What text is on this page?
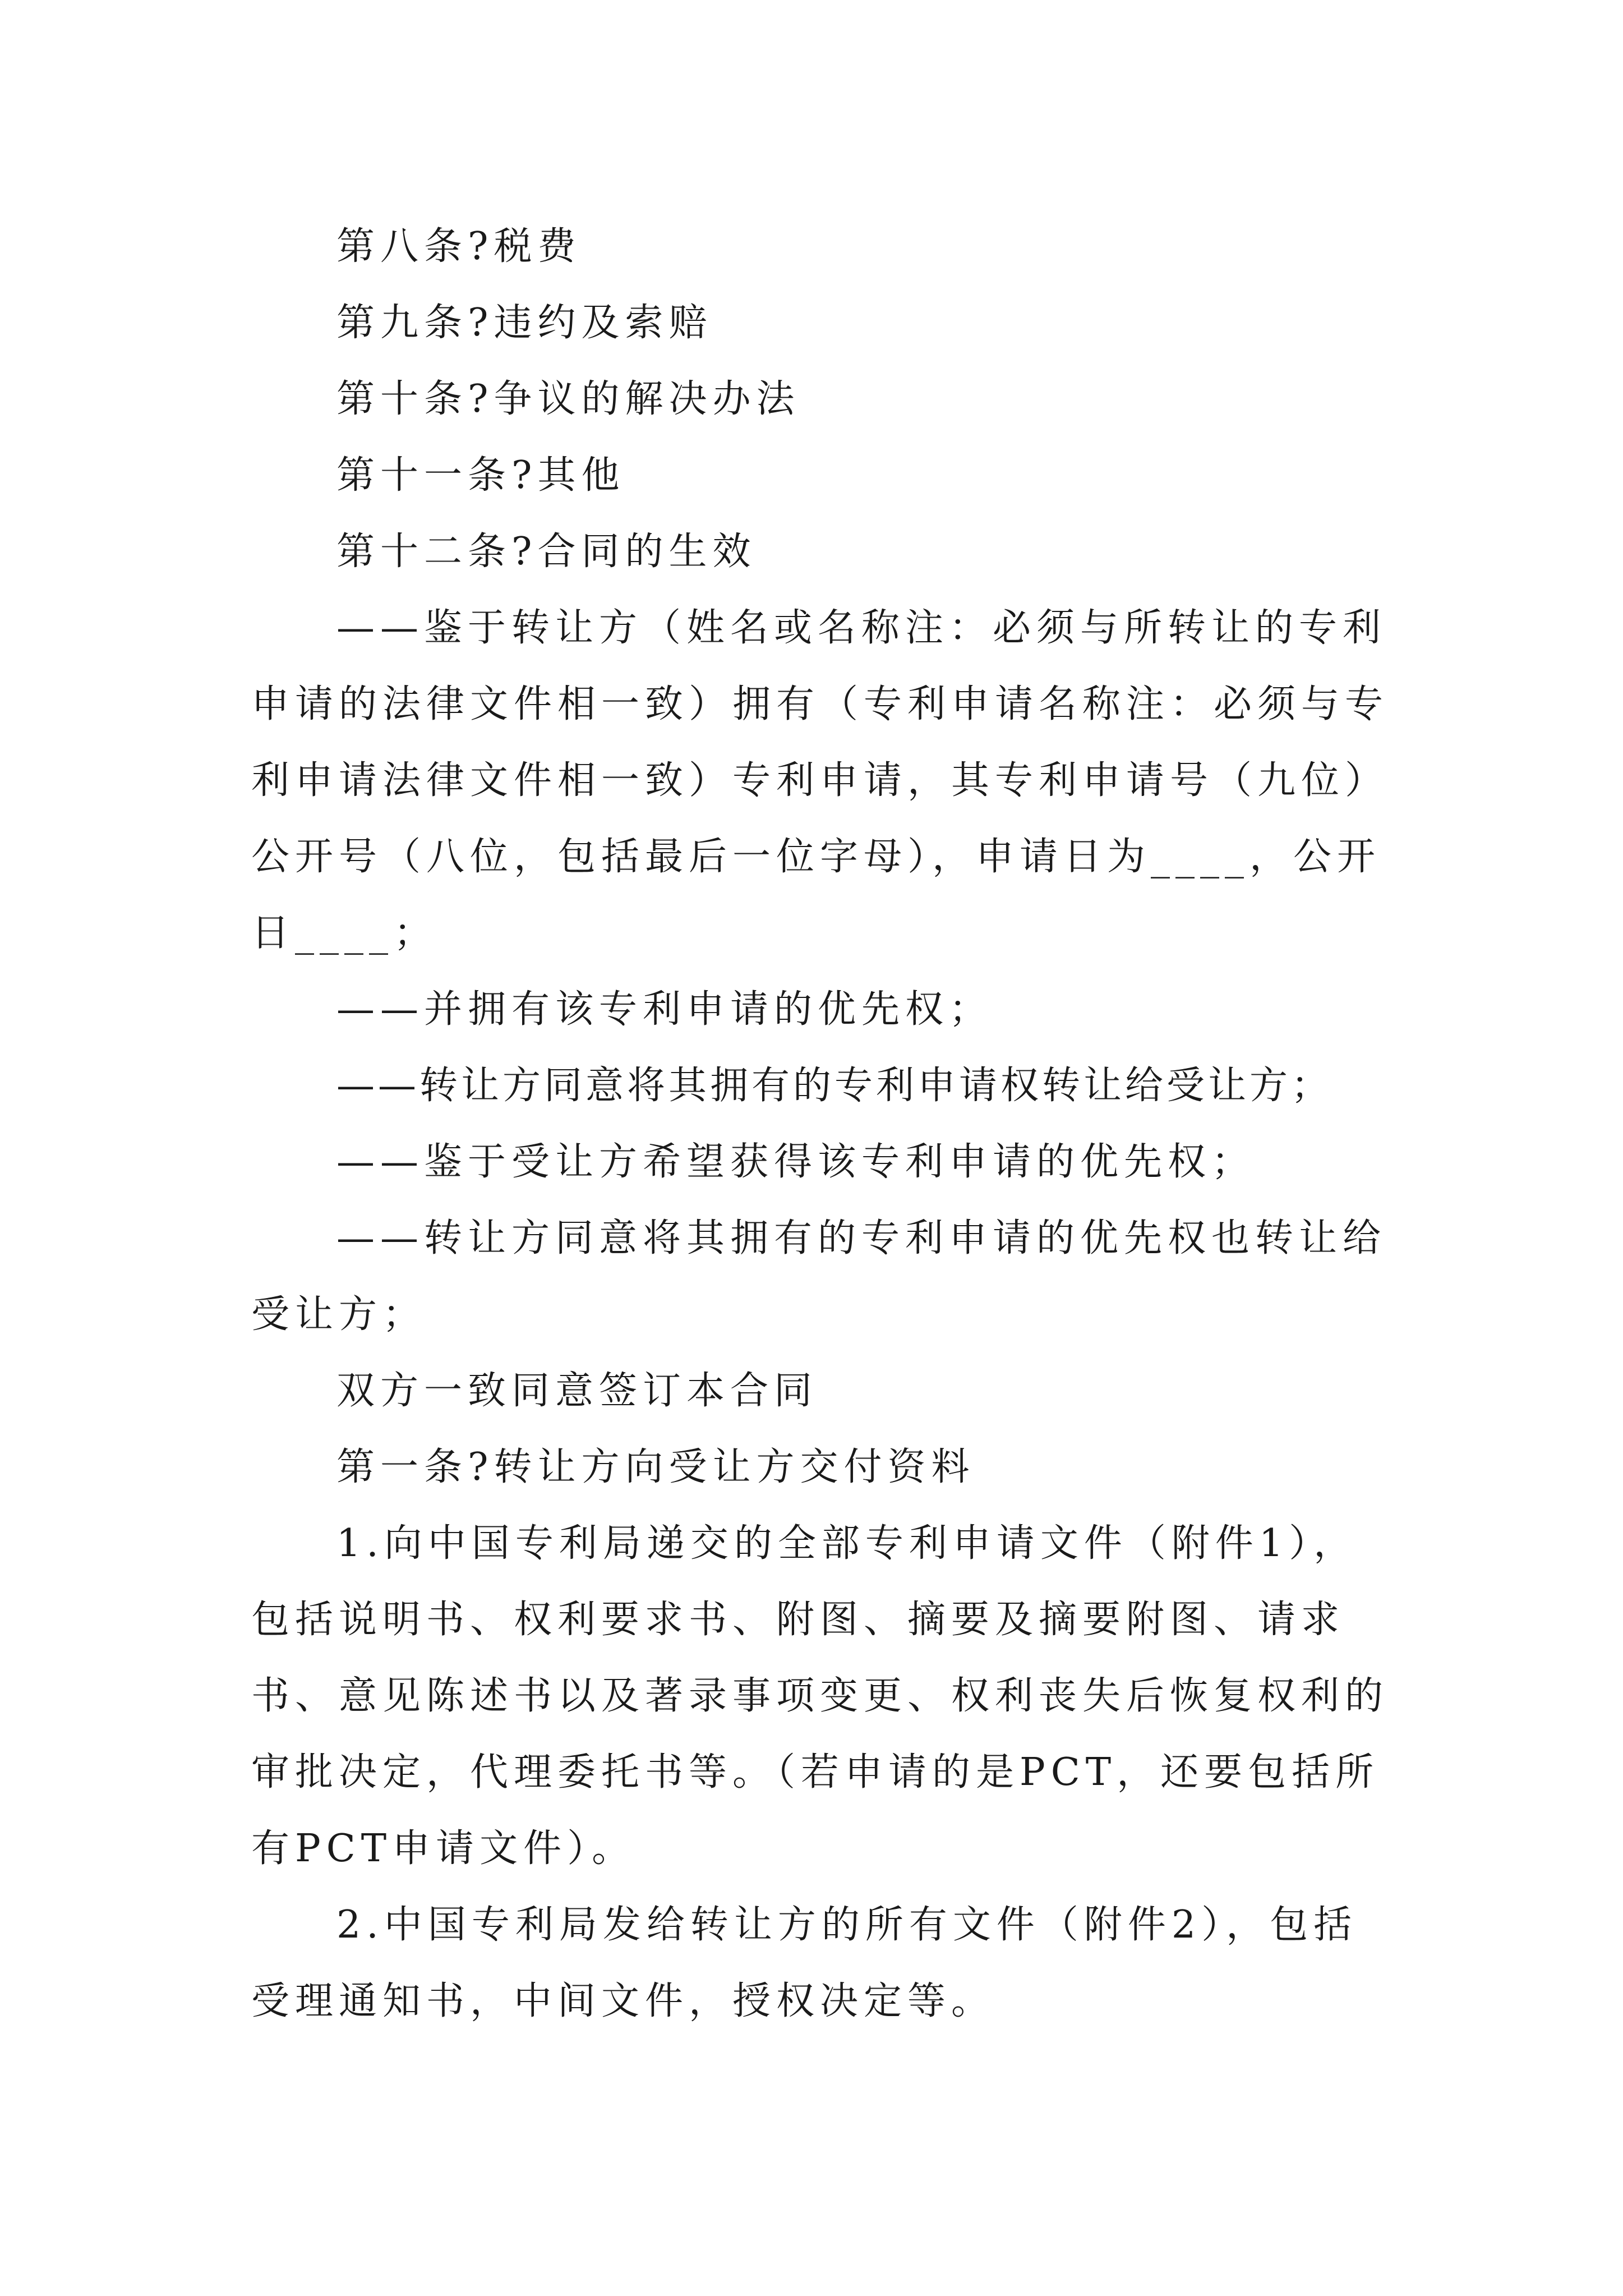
第八条?税费

第九条?违约及索赔

第十条?争议的解决办法

第十一条?其他

第十二条?合同的生效

——鉴于转让方（姓名或名称注：必须与所转让的专利申请的法律文件相一致）拥有（专利申请名称注：必须与专利申请法律文件相一致）专利申请，其专利申请号（九位）公开号（八位，包括最后一位字母），申请日为____，公开日____；

——并拥有该专利申请的优先权；

——转让方同意将其拥有的专利申请权转让给受让方；

——鉴于受让方希望获得该专利申请的优先权；

——转让方同意将其拥有的专利申请的优先权也转让给受让方；

双方一致同意签订本合同

第一条?转让方向受让方交付资料

1.向中国专利局递交的全部专利申请文件（附件1），包括说明书、权利要求书、附图、摘要及摘要附图、请求书、意见陈述书以及著录事项变更、权利丧失后恢复权利的审批决定，代理委托书等。（若申请的是PCT，还要包括所有PCT申请文件）。

2.中国专利局发给转让方的所有文件（附件2），包括受理通知书，中间文件，授权决定等。
